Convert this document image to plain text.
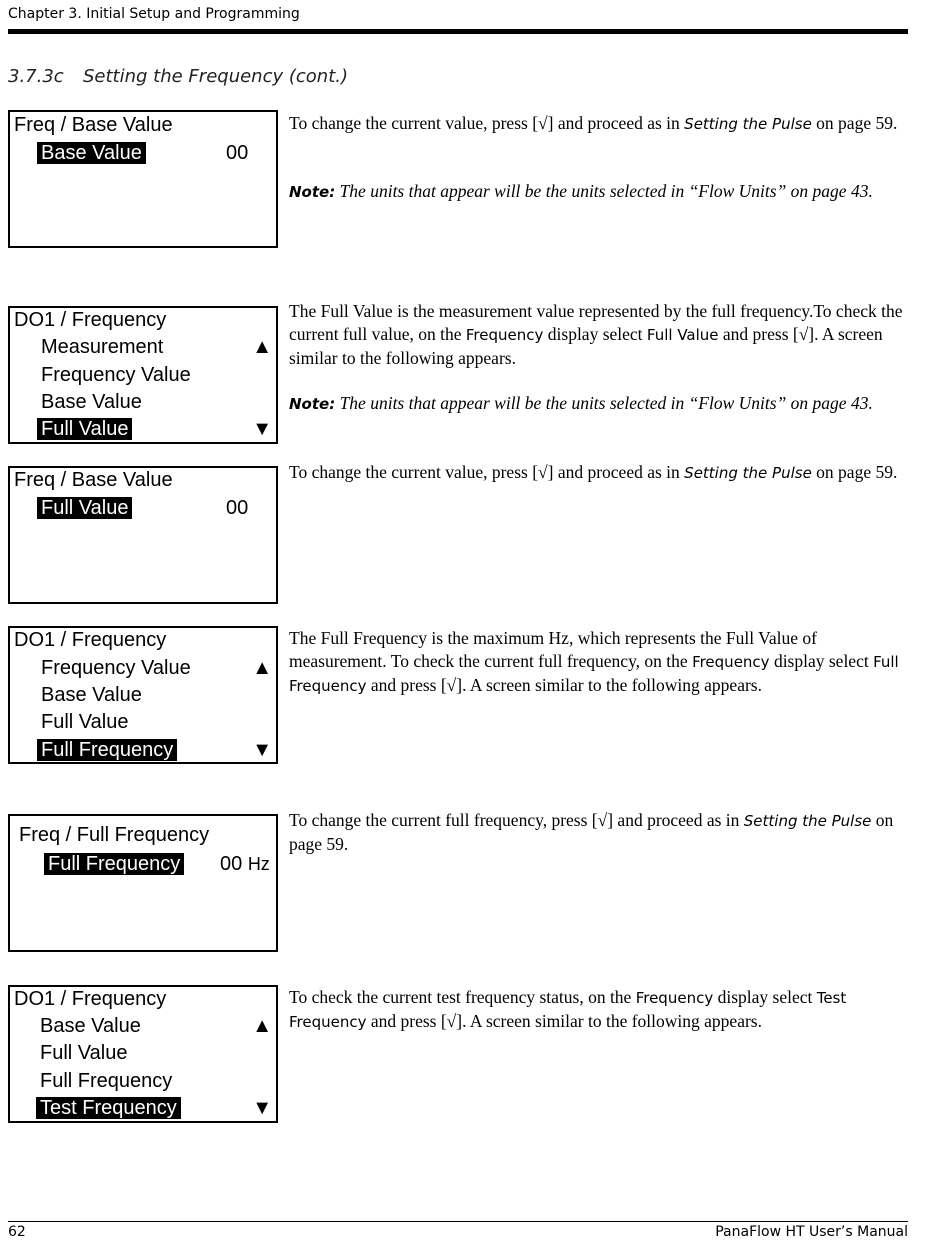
Chapter 3. Initial Setup and Programming
3.7.3c Setting the Frequency (cont.)
Freq / Base Value
Base Value	00
To change the current value, press [√] and proceed as in Setting the Pulse on page 59.
Note: The units that appear will be the units selected in “Flow Units” on page 43.
DO1 / Frequency
Measurement
Frequency Value
Base Value
Full Value
▲
▼
The Full Value is the measurement value represented by the full frequency.To check the current full value, on the Frequency display select Full Value and press [√]. A screen similar to the following appears.
Note: The units that appear will be the units selected in “Flow Units” on page 43.
Freq / Base Value
Full Value	00
To change the current value, press [√] and proceed as in Setting the Pulse on page 59.
DO1 / Frequency
Frequency Value
Base Value
Full Value
Full Frequency
▲
▼
The Full Frequency is the maximum Hz, which represents the Full Value of measurement. To check the current full frequency, on the Frequency display select Full Frequency and press [√]. A screen similar to the following appears.
Freq / Full Frequency
Full Frequency 00 Hz
To change the current full frequency, press [√] and proceed as in Setting the Pulse on page 59.
DO1 / Frequency
Base Value
Full Value
Full Frequency
Test Frequency
▲
▼
To check the current test frequency status, on the Frequency display select Test Frequency and press [√]. A screen similar to the following appears.
62	PanaFlow HT User’s Manual
